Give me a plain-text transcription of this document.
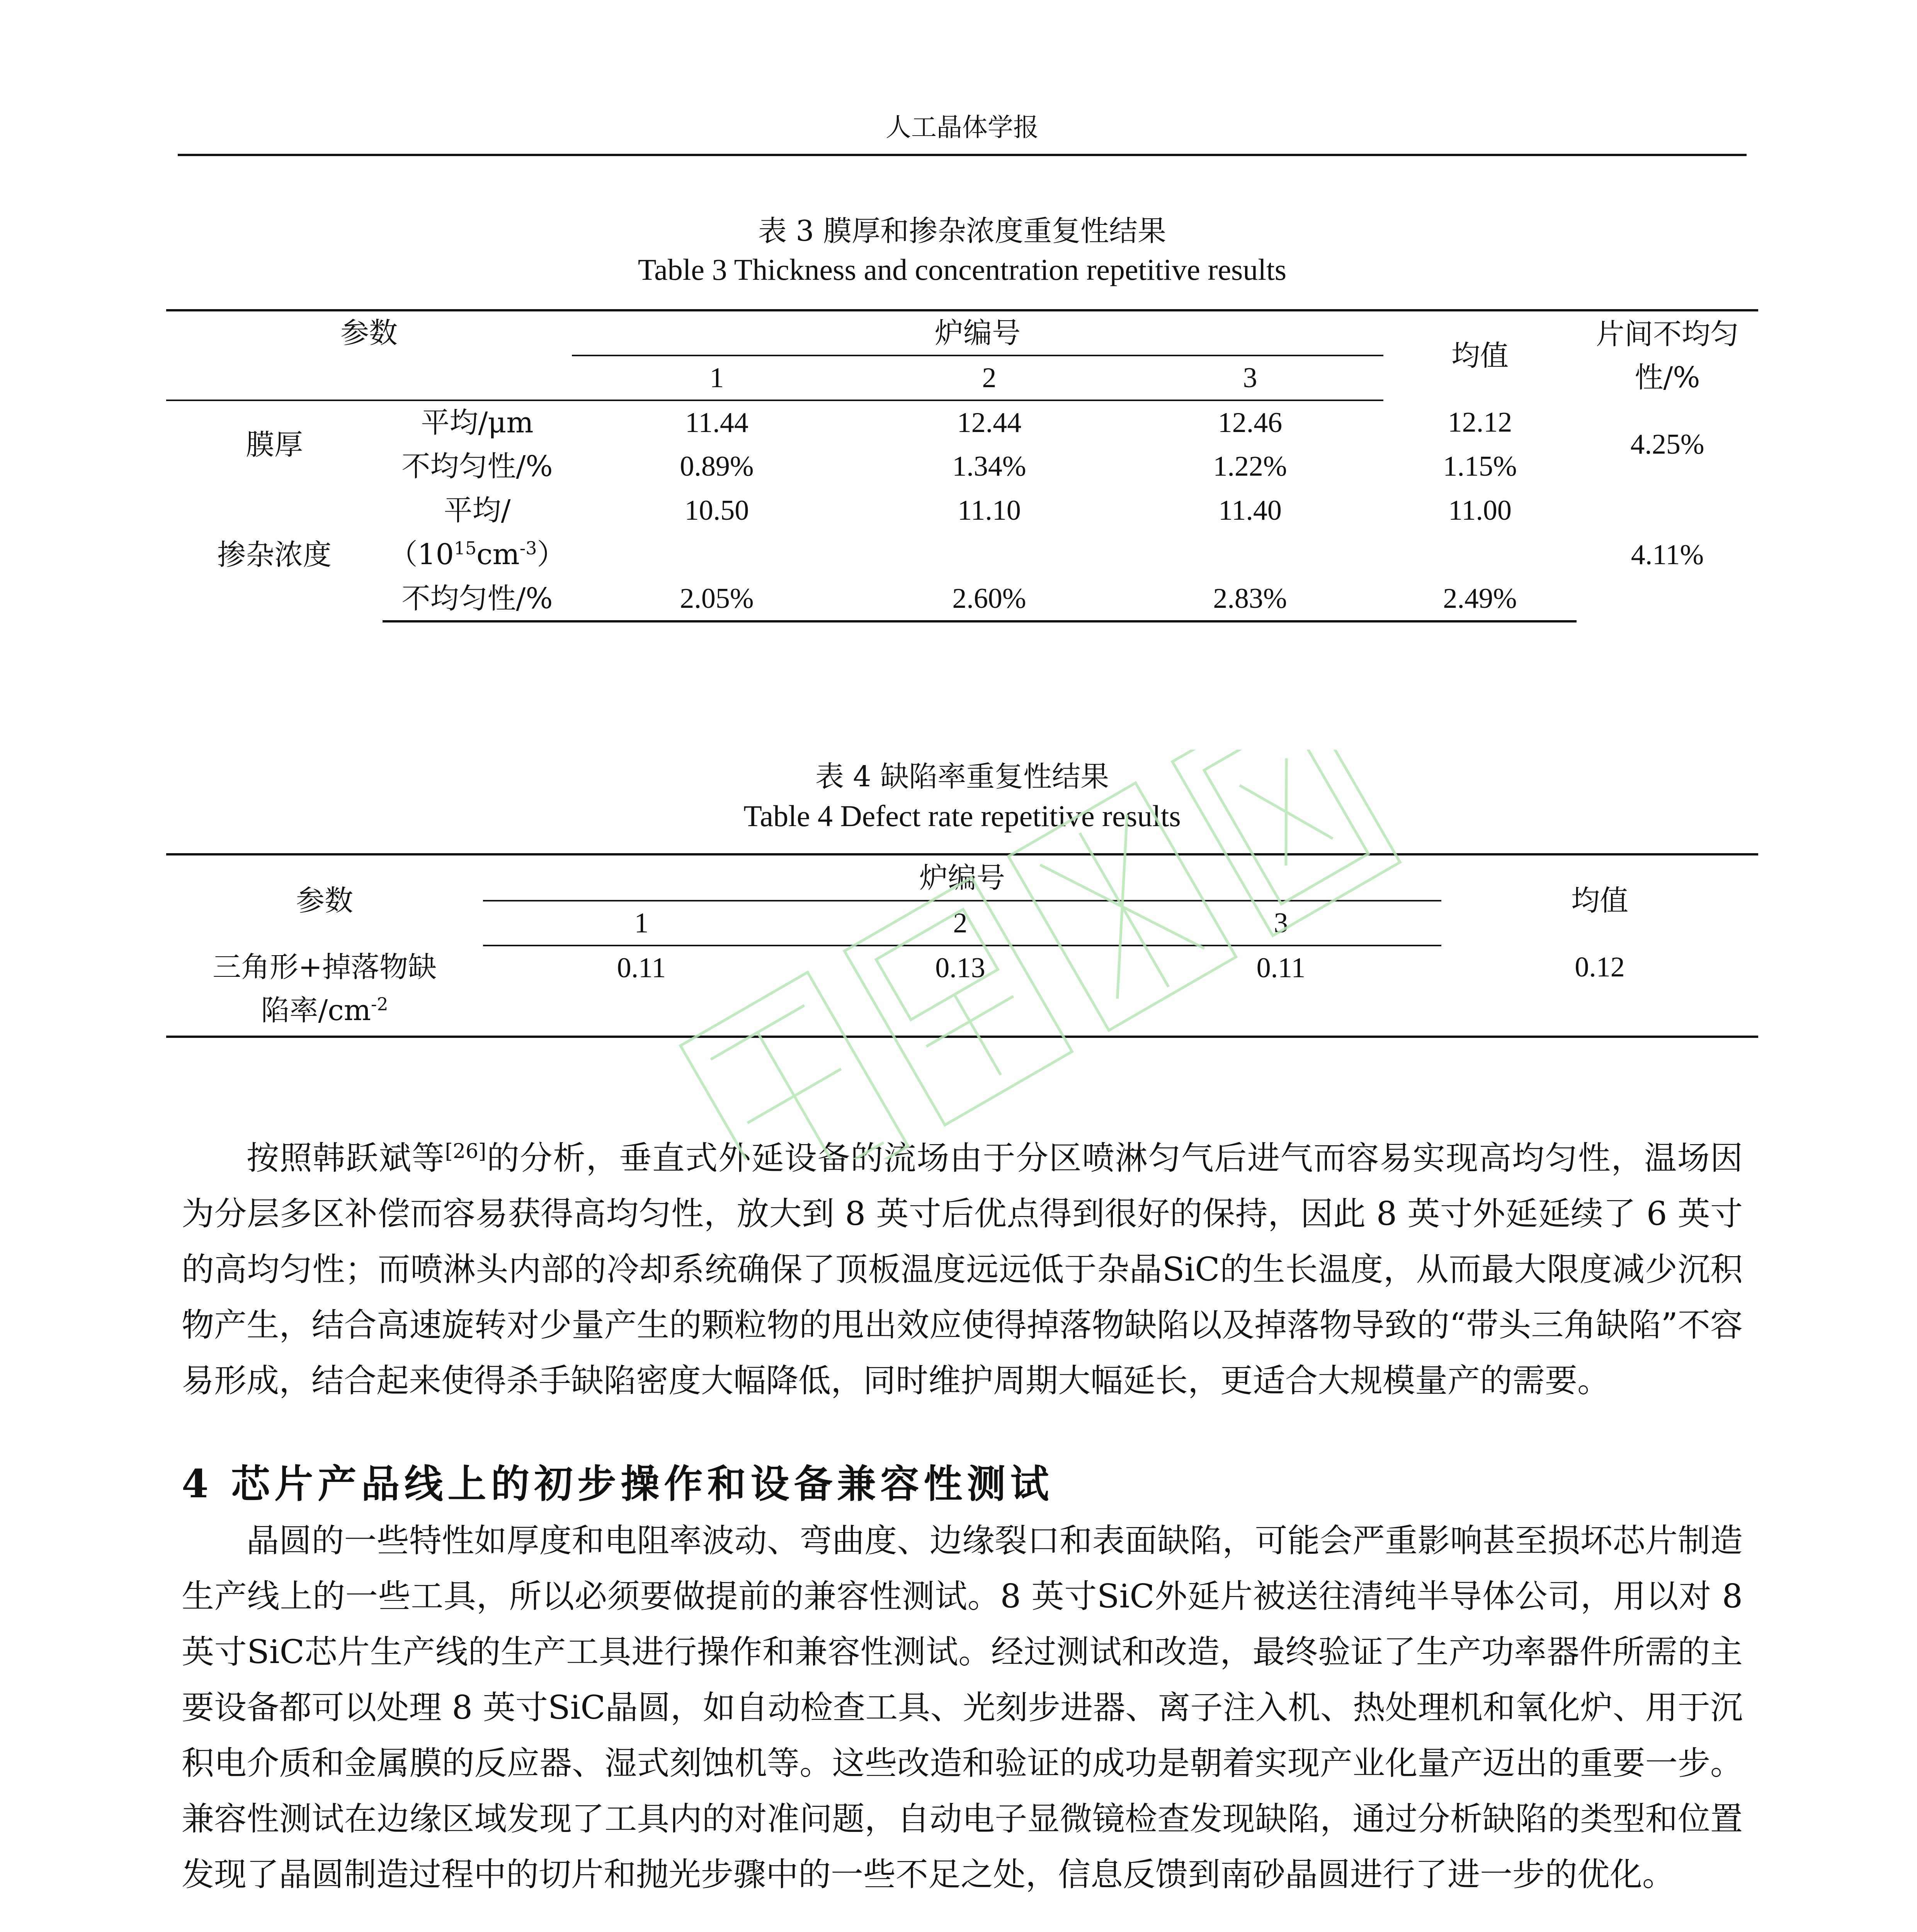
人工晶体学报
表 3 膜厚和掺杂浓度重复性结果
Table 3 Thickness and concentration repetitive results
参数		炉编号			均值	片间不均匀
性/%
		1	2	3		
膜厚	平均/μm	11.44	12.44	12.46	12.12	4.25%
	不均匀性/%	0.89%	1.34%	1.22%	1.15%	
掺杂浓度	平均/	10.50	11.10	11.40	11.00	4.11%
	$(10^{15}cm^{-3})$					
	不均匀性/%	2.05%	2.60%	2.83%	2.49%	
表 4 缺陷率重复性结果
Table 4 Defect rate repetitive results
参数	炉编号			均值
	1	2	3	
三角形+掉落物缺
陷率$/cm^{-2}$	0.11	0.13	0.11	0.12

按照韩跃斌等[26]的分析，垂直式外延设备的流场由于分区喷淋匀气后进气而容易实现高均匀性，温场因为分层多区补偿而容易获得高均匀性，放大到 8 英寸后优点得到很好的保持，因此 8 英寸外延延续了 6 英寸的高均匀性；而喷淋头内部的冷却系统确保了顶板温度远远低于杂晶SiC的生长温度，从而最大限度减少沉积物产生，结合高速旋转对少量产生的颗粒物的甩出效应使得掉落物缺陷以及掉落物导致的“带头三角缺陷”不容易形成，结合起来使得杀手缺陷密度大幅降低，同时维护周期大幅延长，更适合大规模量产的需要。

4 芯片产品线上的初步操作和设备兼容性测试

晶圆的一些特性如厚度和电阻率波动、弯曲度、边缘裂口和表面缺陷，可能会严重影响甚至损坏芯片制造生产线上的一些工具，所以必须要做提前的兼容性测试。8 英寸SiC外延片被送往清纯半导体公司，用以对 8 英寸SiC芯片生产线的生产工具进行操作和兼容性测试。经过测试和改造，最终验证了生产功率器件所需的主要设备都可以处理 8 英寸SiC晶圆，如自动检查工具、光刻步进器、离子注入机、热处理机和氧化炉、用于沉积电介质和金属膜的反应器、湿式刻蚀机等。这些改造和验证的成功是朝着实现产业化量产迈出的重要一步。兼容性测试在边缘区域发现了工具内的对准问题，自动电子显微镜检查发现缺陷，通过分析缺陷的类型和位置发现了晶圆制造过程中的切片和抛光步骤中的一些不足之处，信息反馈到南砂晶圆进行了进一步的优化。
